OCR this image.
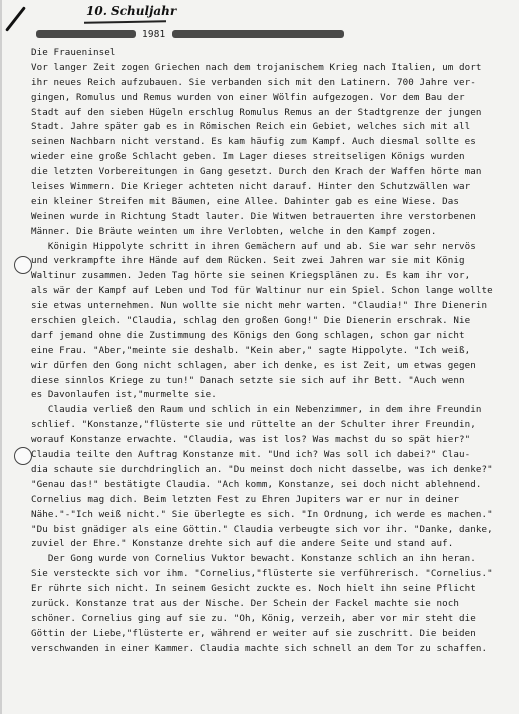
10. Schuljahr
1981
Die Fraueninsel
Vor langer Zeit zogen Griechen nach dem trojanischem Krieg nach Italien, um dort
ihr neues Reich aufzubauen. Sie verbanden sich mit den Latinern. 700 Jahre ver-
gingen, Romulus und Remus wurden von einer Wölfin aufgezogen. Vor dem Bau der
Stadt auf den sieben Hügeln erschlug Romulus Remus an der Stadtgrenze der jungen
Stadt. Jahre später gab es in Römischen Reich ein Gebiet, welches sich mit all
seinen Nachbarn nicht verstand. Es kam häufig zum Kampf. Auch diesmal sollte es
wieder eine große Schlacht geben. Im Lager dieses streitseligen Königs wurden
die letzten Vorbereitungen in Gang gesetzt. Durch den Krach der Waffen hörte man
leises Wimmern. Die Krieger achteten nicht darauf. Hinter den Schutzwällen war
ein kleiner Streifen mit Bäumen, eine Allee. Dahinter gab es eine Wiese. Das
Weinen wurde in Richtung Stadt lauter. Die Witwen betrauerten ihre verstorbenen
Männer. Die Bräute weinten um ihre Verlobten, welche in den Kampf zogen.
Königin Hippolyte schritt in ihren Gemächern auf und ab. Sie war sehr nervös
und verkrampfte ihre Hände auf dem Rücken. Seit zwei Jahren war sie mit König
Waltinur zusammen. Jeden Tag hörte sie seinen Kriegsplänen zu. Es kam ihr vor,
als wär der Kampf auf Leben und Tod für Waltinur nur ein Spiel. Schon lange wollte
sie etwas unternehmen. Nun wollte sie nicht mehr warten. "Claudia!" Ihre Dienerin
erschien gleich. "Claudia, schlag den großen Gong!" Die Dienerin erschrak. Nie
darf jemand ohne die Zustimmung des Königs den Gong schlagen, schon gar nicht
eine Frau. "Aber,"meinte sie deshalb. "Kein aber," sagte Hippolyte. "Ich weiß,
wir dürfen den Gong nicht schlagen, aber ich denke, es ist Zeit, um etwas gegen
diese sinnlos Kriege zu tun!" Danach setzte sie sich auf ihr Bett. "Auch wenn
es Davonlaufen ist,"murmelte sie.
Claudia verließ den Raum und schlich in ein Nebenzimmer, in dem ihre Freundin
schlief. "Konstanze,"flüsterte sie und rüttelte an der Schulter ihrer Freundin,
worauf Konstanze erwachte. "Claudia, was ist los? Was machst du so spät hier?"
Claudia teilte den Auftrag Konstanze mit. "Und ich? Was soll ich dabei?" Clau-
dia schaute sie durchdringlich an. "Du meinst doch nicht dasselbe, was ich denke?"
"Genau das!" bestätigte Claudia. "Ach komm, Konstanze, sei doch nicht ablehnend.
Cornelius mag dich. Beim letzten Fest zu Ehren Jupiters war er nur in deiner
Nähe."-"Ich weiß nicht." Sie überlegte es sich. "In Ordnung, ich werde es machen."
"Du bist gnädiger als eine Göttin." Claudia verbeugte sich vor ihr. "Danke, danke,
zuviel der Ehre." Konstanze drehte sich auf die andere Seite und stand auf.
Der Gong wurde von Cornelius Vuktor bewacht. Konstanze schlich an ihn heran.
Sie versteckte sich vor ihm. "Cornelius,"flüsterte sie verführerisch. "Cornelius."
Er rührte sich nicht. In seinem Gesicht zuckte es. Noch hielt ihn seine Pflicht
zurück. Konstanze trat aus der Nische. Der Schein der Fackel machte sie noch
schöner. Cornelius ging auf sie zu. "Oh, König, verzeih, aber vor mir steht die
Göttin der Liebe,"flüsterte er, während er weiter auf sie zuschritt. Die beiden
verschwanden in einer Kammer. Claudia machte sich schnell an dem Tor zu schaffen.
